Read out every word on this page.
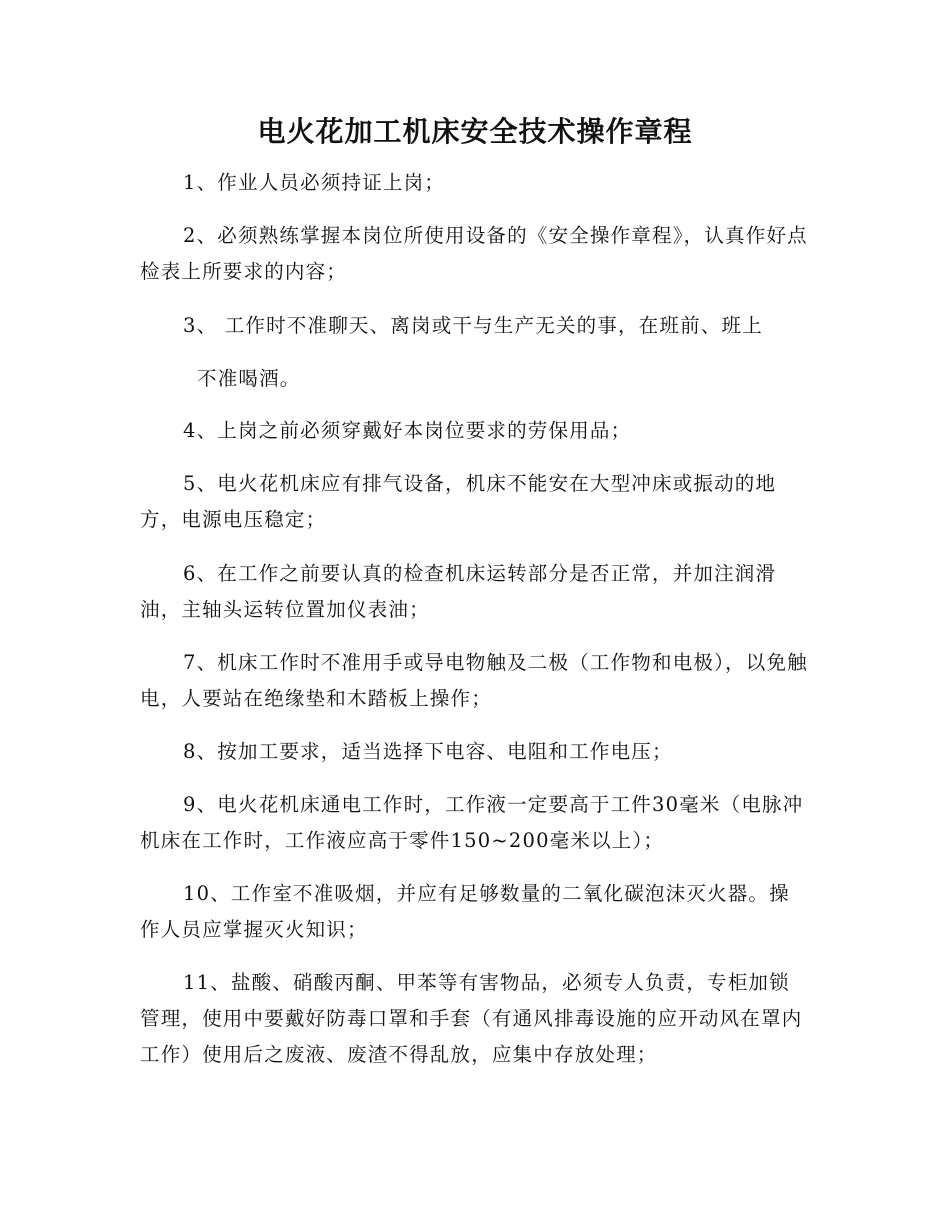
电火花加工机床安全技术操作章程

1、作业人员必须持证上岗；

2、必须熟练掌握本岗位所使用设备的《安全操作章程》，认真作好点检表上所要求的内容；

3、 工作时不准聊天、离岗或干与生产无关的事，在班前、班上

不准喝酒。

4、上岗之前必须穿戴好本岗位要求的劳保用品；

5、电火花机床应有排气设备，机床不能安在大型冲床或振动的地方，电源电压稳定；

6、在工作之前要认真的检查机床运转部分是否正常，并加注润滑油，主轴头运转位置加仪表油；

7、机床工作时不准用手或导电物触及二极（工作物和电极），以免触电，人要站在绝缘垫和木踏板上操作；

8、按加工要求，适当选择下电容、电阻和工作电压；

9、电火花机床通电工作时，工作液一定要高于工件30毫米（电脉冲机床在工作时，工作液应高于零件150~200毫米以上）；

10、工作室不准吸烟，并应有足够数量的二氧化碳泡沫灭火器。操作人员应掌握灭火知识；

11、盐酸、硝酸丙酮、甲苯等有害物品，必须专人负责，专柜加锁管理，使用中要戴好防毒口罩和手套（有通风排毒设施的应开动风在罩内工作）使用后之废液、废渣不得乱放，应集中存放处理；
